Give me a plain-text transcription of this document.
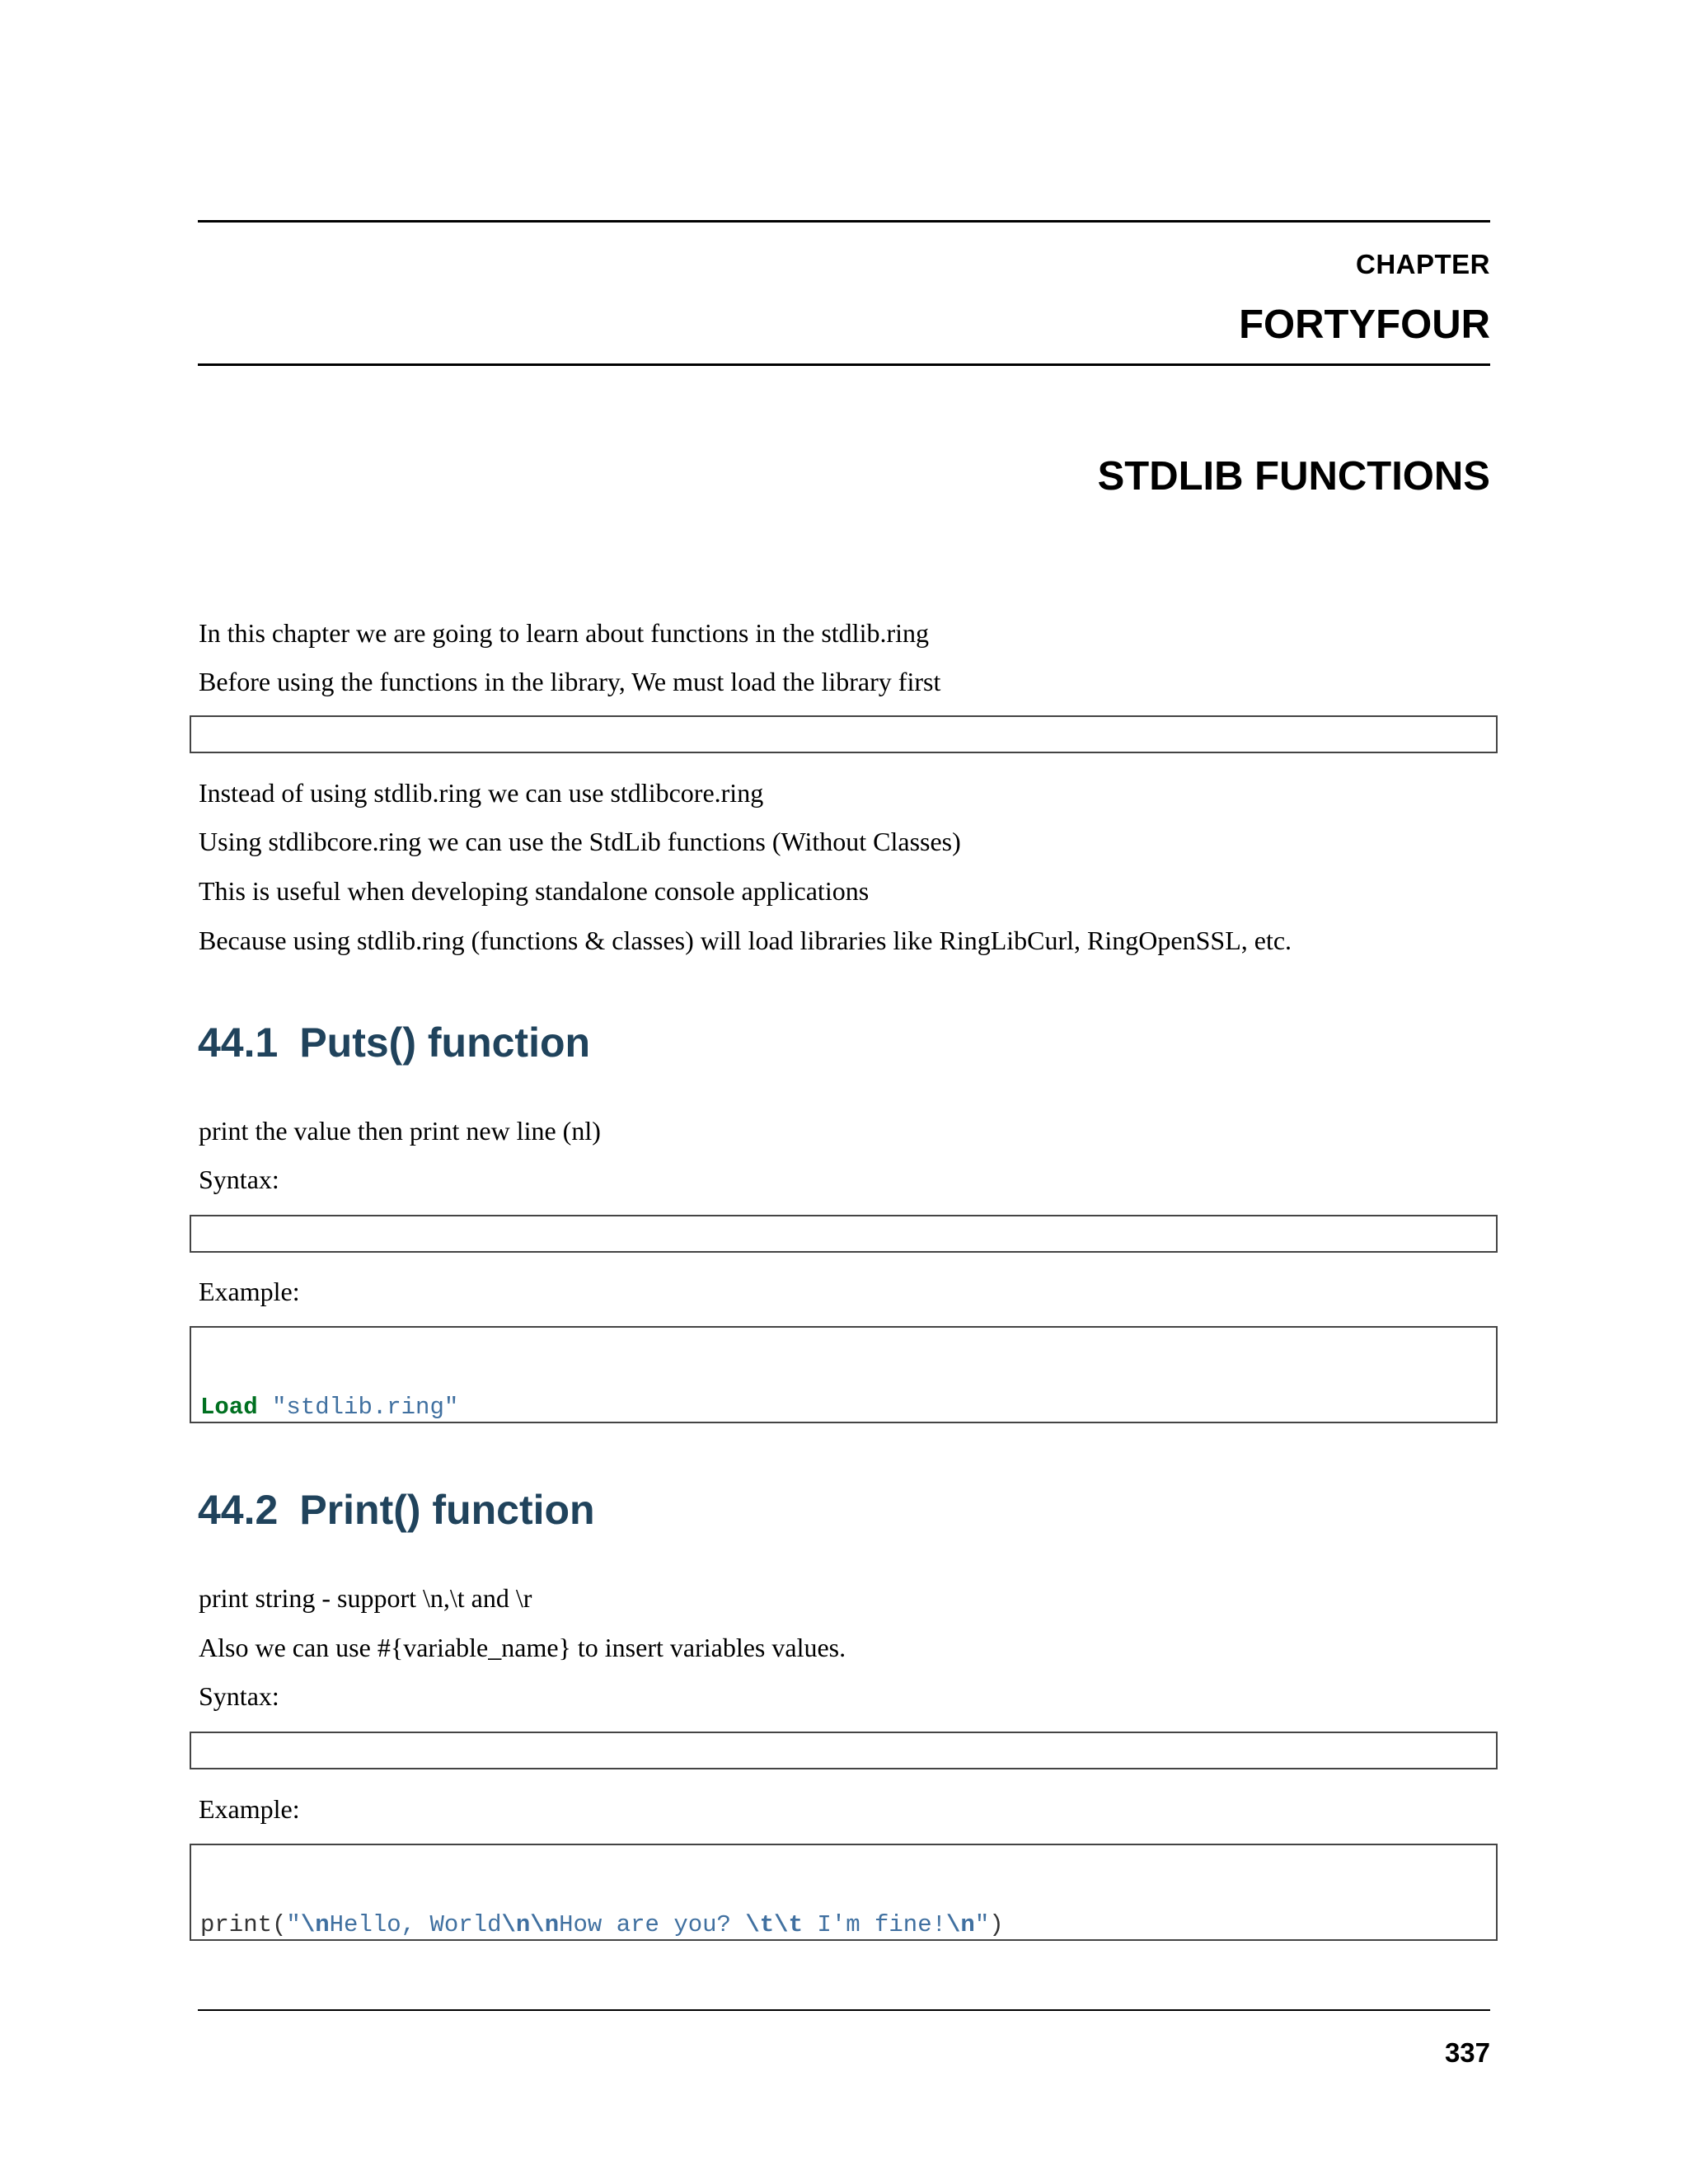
CHAPTER
FORTYFOUR
STDLIB FUNCTIONS
In this chapter we are going to learn about functions in the stdlib.ring
Before using the functions in the library, We must load the library first

Instead of using stdlib.ring we can use stdlibcore.ring
Using stdlibcore.ring we can use the StdLib functions (Without Classes)
This is useful when developing standalone console applications
Because using stdlib.ring (functions & classes) will load libraries like RingLibCurl, RingOpenSSL, etc.
44.1 Puts() function
print the value then print new line (nl)
Syntax:

Example:

Load "stdlib.ring"

44.2 Print() function
print string - support \n,\t and \r
Also we can use #{variable_name} to insert variables values.
Syntax:

Example:

print("\nHello, World\n\nHow are you? \t\t I'm fine!\n")

337
